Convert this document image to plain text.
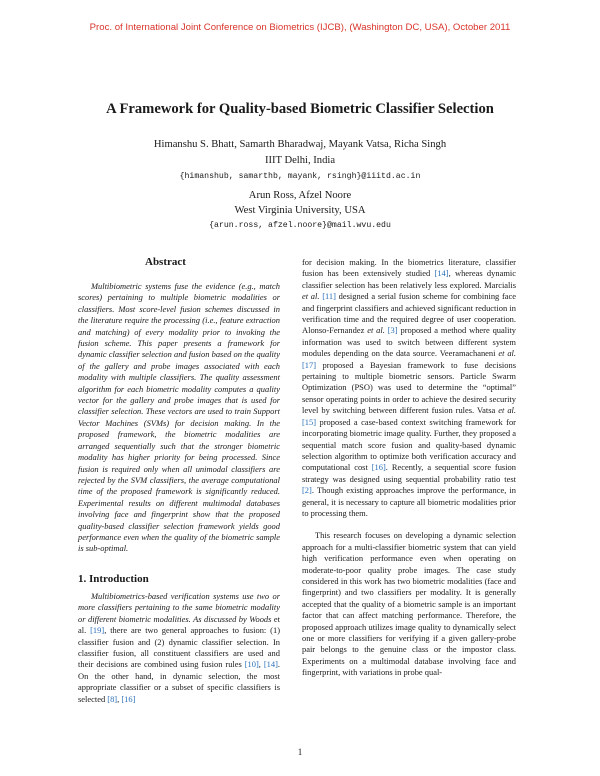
Proc. of International Joint Conference on Biometrics (IJCB), (Washington DC, USA), October 2011
A Framework for Quality-based Biometric Classifier Selection
Himanshu S. Bhatt, Samarth Bharadwaj, Mayank Vatsa, Richa Singh
IIIT Delhi, India
{himanshub, samarthb, mayank, rsingh}@iiitd.ac.in
Arun Ross, Afzel Noore
West Virginia University, USA
{arun.ross, afzel.noore}@mail.wvu.edu
Abstract

Multibiometric systems fuse the evidence (e.g., match scores) pertaining to multiple biometric modalities or classifiers. Most score-level fusion schemes discussed in the literature require the processing (i.e., feature extraction and matching) of every modality prior to invoking the fusion scheme. This paper presents a framework for dynamic classifier selection and fusion based on the quality of the gallery and probe images associated with each modality with multiple classifiers. The quality assessment algorithm for each biometric modality computes a quality vector for the gallery and probe images that is used for classifier selection. These vectors are used to train Support Vector Machines (SVMs) for decision making. In the proposed framework, the biometric modalities are arranged sequentially such that the stronger biometric modality has higher priority for being processed. Since fusion is required only when all unimodal classifiers are rejected by the SVM classifiers, the average computational time of the proposed framework is significantly reduced. Experimental results on different multimodal databases involving face and fingerprint show that the proposed quality-based classifier selection framework yields good performance even when the quality of the biometric sample is sub-optimal.

1. Introduction

Multibiometrics-based verification systems use two or more classifiers pertaining to the same biometric modality or different biometric modalities. As discussed by Woods et al. [19], there are two general approaches to fusion: (1) classifier fusion and (2) dynamic classifier selection. In classifier fusion, all constituent classifiers are used and their decisions are combined using fusion rules [10], [14]. On the other hand, in dynamic selection, the most appropriate classifier or a subset of specific classifiers is selected [8], [16]

for decision making. In the biometrics literature, classifier fusion has been extensively studied [14], whereas dynamic classifier selection has been relatively less explored. Marcialis et al. [11] designed a serial fusion scheme for combining face and fingerprint classifiers and achieved significant reduction in verification time and the required degree of user cooperation. Alonso-Fernandez et al. [3] proposed a method where quality information was used to switch between different system modules depending on the data source. Veeramachaneni et al. [17] proposed a Bayesian framework to fuse decisions pertaining to multiple biometric sensors. Particle Swarm Optimization (PSO) was used to determine the “optimal” sensor operating points in order to achieve the desired security level by switching between different fusion rules. Vatsa et al. [15] proposed a case-based context switching framework for incorporating biometric image quality. Further, they proposed a sequential match score fusion and quality-based dynamic selection algorithm to optimize both verification accuracy and computational cost [16]. Recently, a sequential score fusion strategy was designed using sequential probability ratio test [2]. Though existing approaches improve the performance, in general, it is necessary to capture all biometric modalities prior to processing them.

This research focuses on developing a dynamic selection approach for a multi-classifier biometric system that can yield high verification performance even when operating on moderate-to-poor quality probe images. The case study considered in this work has two biometric modalities (face and fingerprint) and two classifiers per modality. It is generally accepted that the quality of a biometric sample is an important factor that can affect matching performance. Therefore, the proposed approach utilizes image quality to dynamically select one or more classifiers for verifying if a given gallery-probe pair belongs to the genuine class or the impostor class. Experiments on a multimodal database involving face and fingerprint, with variations in probe qual-

1
